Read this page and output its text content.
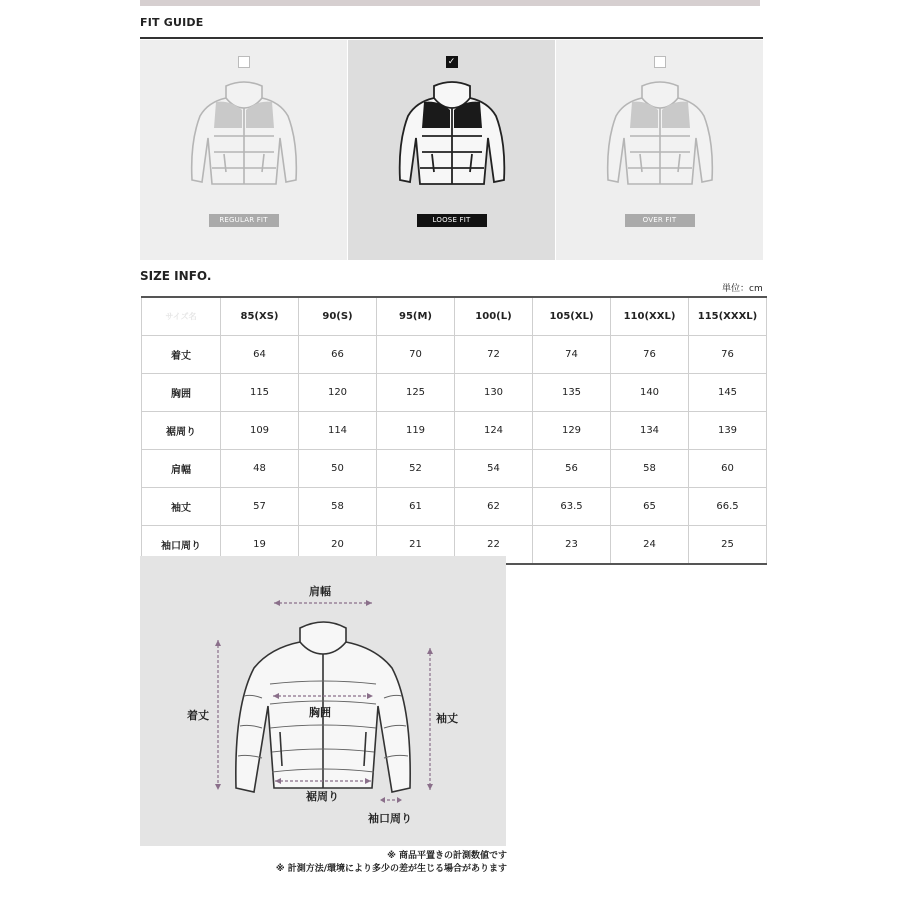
FIT GUIDE
REGULAR FIT
✓
LOOSE FIT	OVER FIT
SIZE INFO.
単位：cm
サイズ名	85(XS)	90(S)	95(M)	100(L)	105(XL)	110(XXL)	115(XXXL)
着丈	64	66	70	72	74	76	76
胸囲	115	120	125	130	135	140	145
裾周り	109	114	119	124	129	134	139
肩幅	48	50	52	54	56	58	60
袖丈	57	58	61	62	63.5	65	66.5
袖口周り	19	20	21	22	23	24	25
肩幅
着丈	胸囲	袖丈
裾周り
袖口周り
※ 商品平置きの計測数値です
※ 計測方法/環境により多少の差が生じる場合があります
